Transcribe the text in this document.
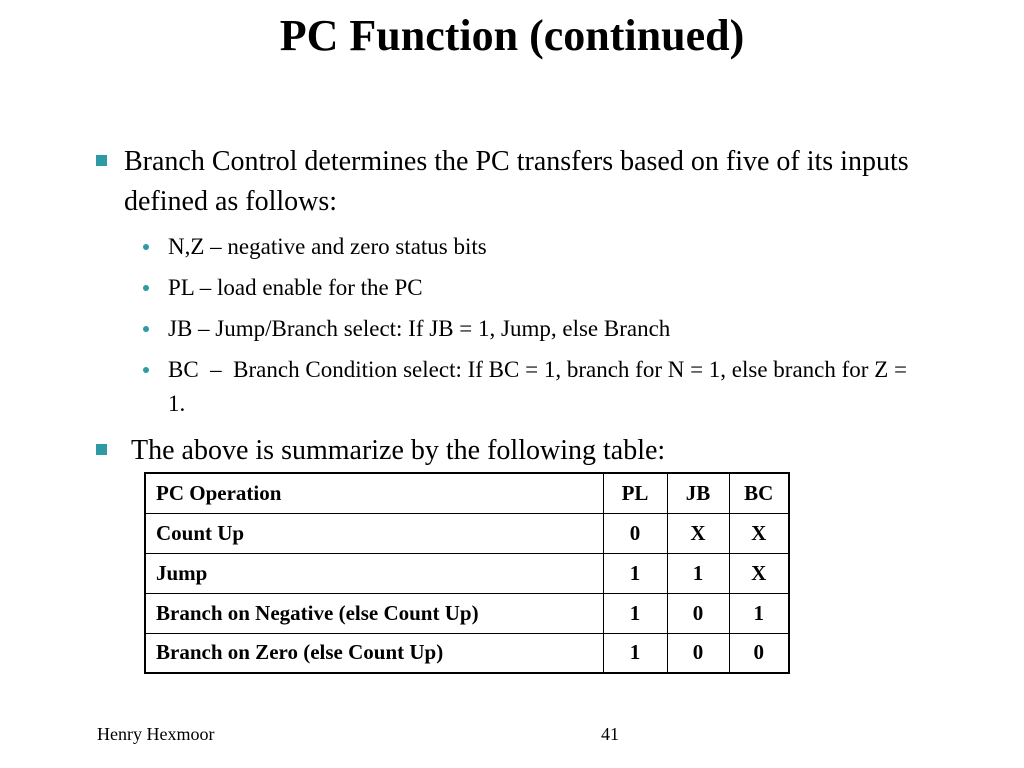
PC Function (continued)
Branch Control determines the PC transfers based on five of its inputs defined as follows:
N,Z – negative and zero status bits
PL – load enable for the PC
JB – Jump/Branch select: If JB = 1, Jump, else Branch
BC  –  Branch Condition select: If BC = 1, branch for N = 1, else branch for Z = 1.
The above is summarize by the following table:
PC Operation	PL	JB	BC
Count Up	0	X	X
Jump	1	1	X
Branch on Negative (else Count Up)	1	0	1
Branch on Zero (else Count Up)	1	0	0
Henry Hexmoor	41
